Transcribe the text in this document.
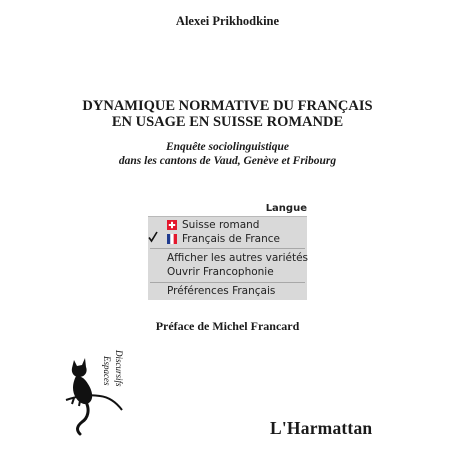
Alexei Prikhodkine
DYNAMIQUE NORMATIVE DU FRANÇAIS
EN USAGE EN SUISSE ROMANDE
Enquête sociolinguistique
dans les cantons de Vaud, Genève et Fribourg
Langue
Suisse romand
Français de France
Afficher les autres variétés
Ouvrir Francophonie
Préférences Français
Préface de Michel Francard
Espaces Discursifs
L'Harmattan
